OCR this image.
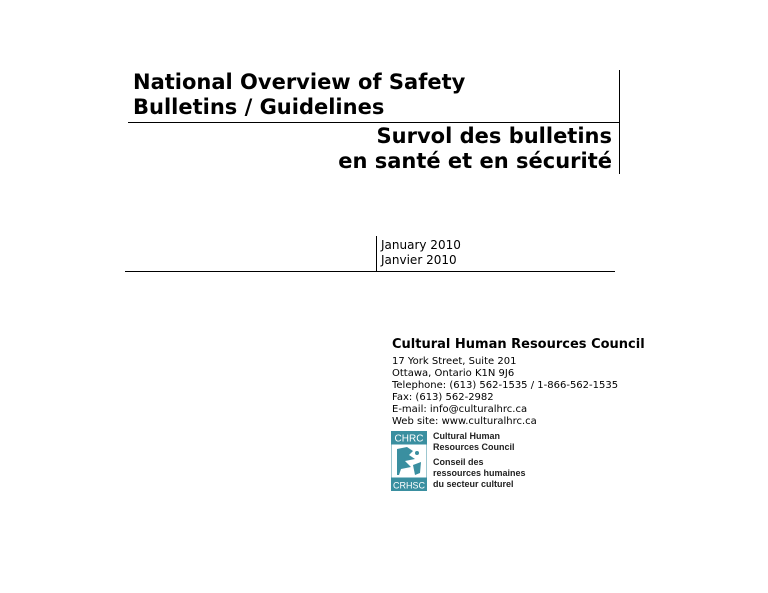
National Overview of Safety
Bulletins / Guidelines
Survol des bulletins
en santé et en sécurité
January 2010
Janvier 2010
Cultural Human Resources Council
17 York Street, Suite 201
Ottawa, Ontario K1N 9J6
Telephone: (613) 562-1535 / 1-866-562-1535
Fax: (613) 562-2982
E-mail: info@culturalhrc.ca
Web site: www.culturalhrc.ca
CHRC
CRHSC
Cultural Human
Resources Council
Conseil des
ressources humaines
du secteur culturel
